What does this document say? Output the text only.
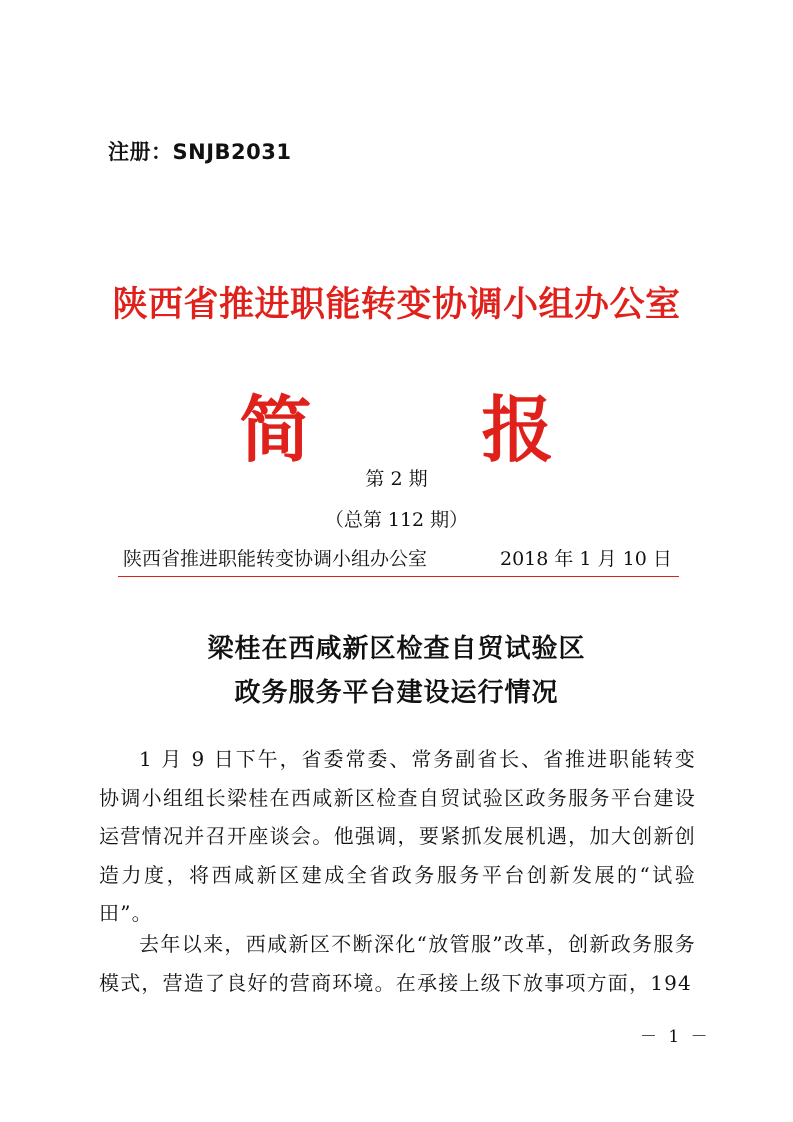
注册：SNJB2031
陕西省推进职能转变协调小组办公室
简 报
第 2 期
（总第 112 期）
陕西省推进职能转变协调小组办公室	2018 年 1 月 10 日
梁桂在西咸新区检查自贸试验区
政务服务平台建设运行情况

1 月 9 日下午，省委常委、常务副省长、省推进职能转变协调小组组长梁桂在西咸新区检查自贸试验区政务服务平台建设运营情况并召开座谈会。他强调，要紧抓发展机遇，加大创新创造力度，将西咸新区建成全省政务服务平台创新发展的“试验田”。

去年以来，西咸新区不断深化“放管服”改革，创新政务服务模式，营造了良好的营商环境。在承接上级下放事项方面，194

－ 1 －
